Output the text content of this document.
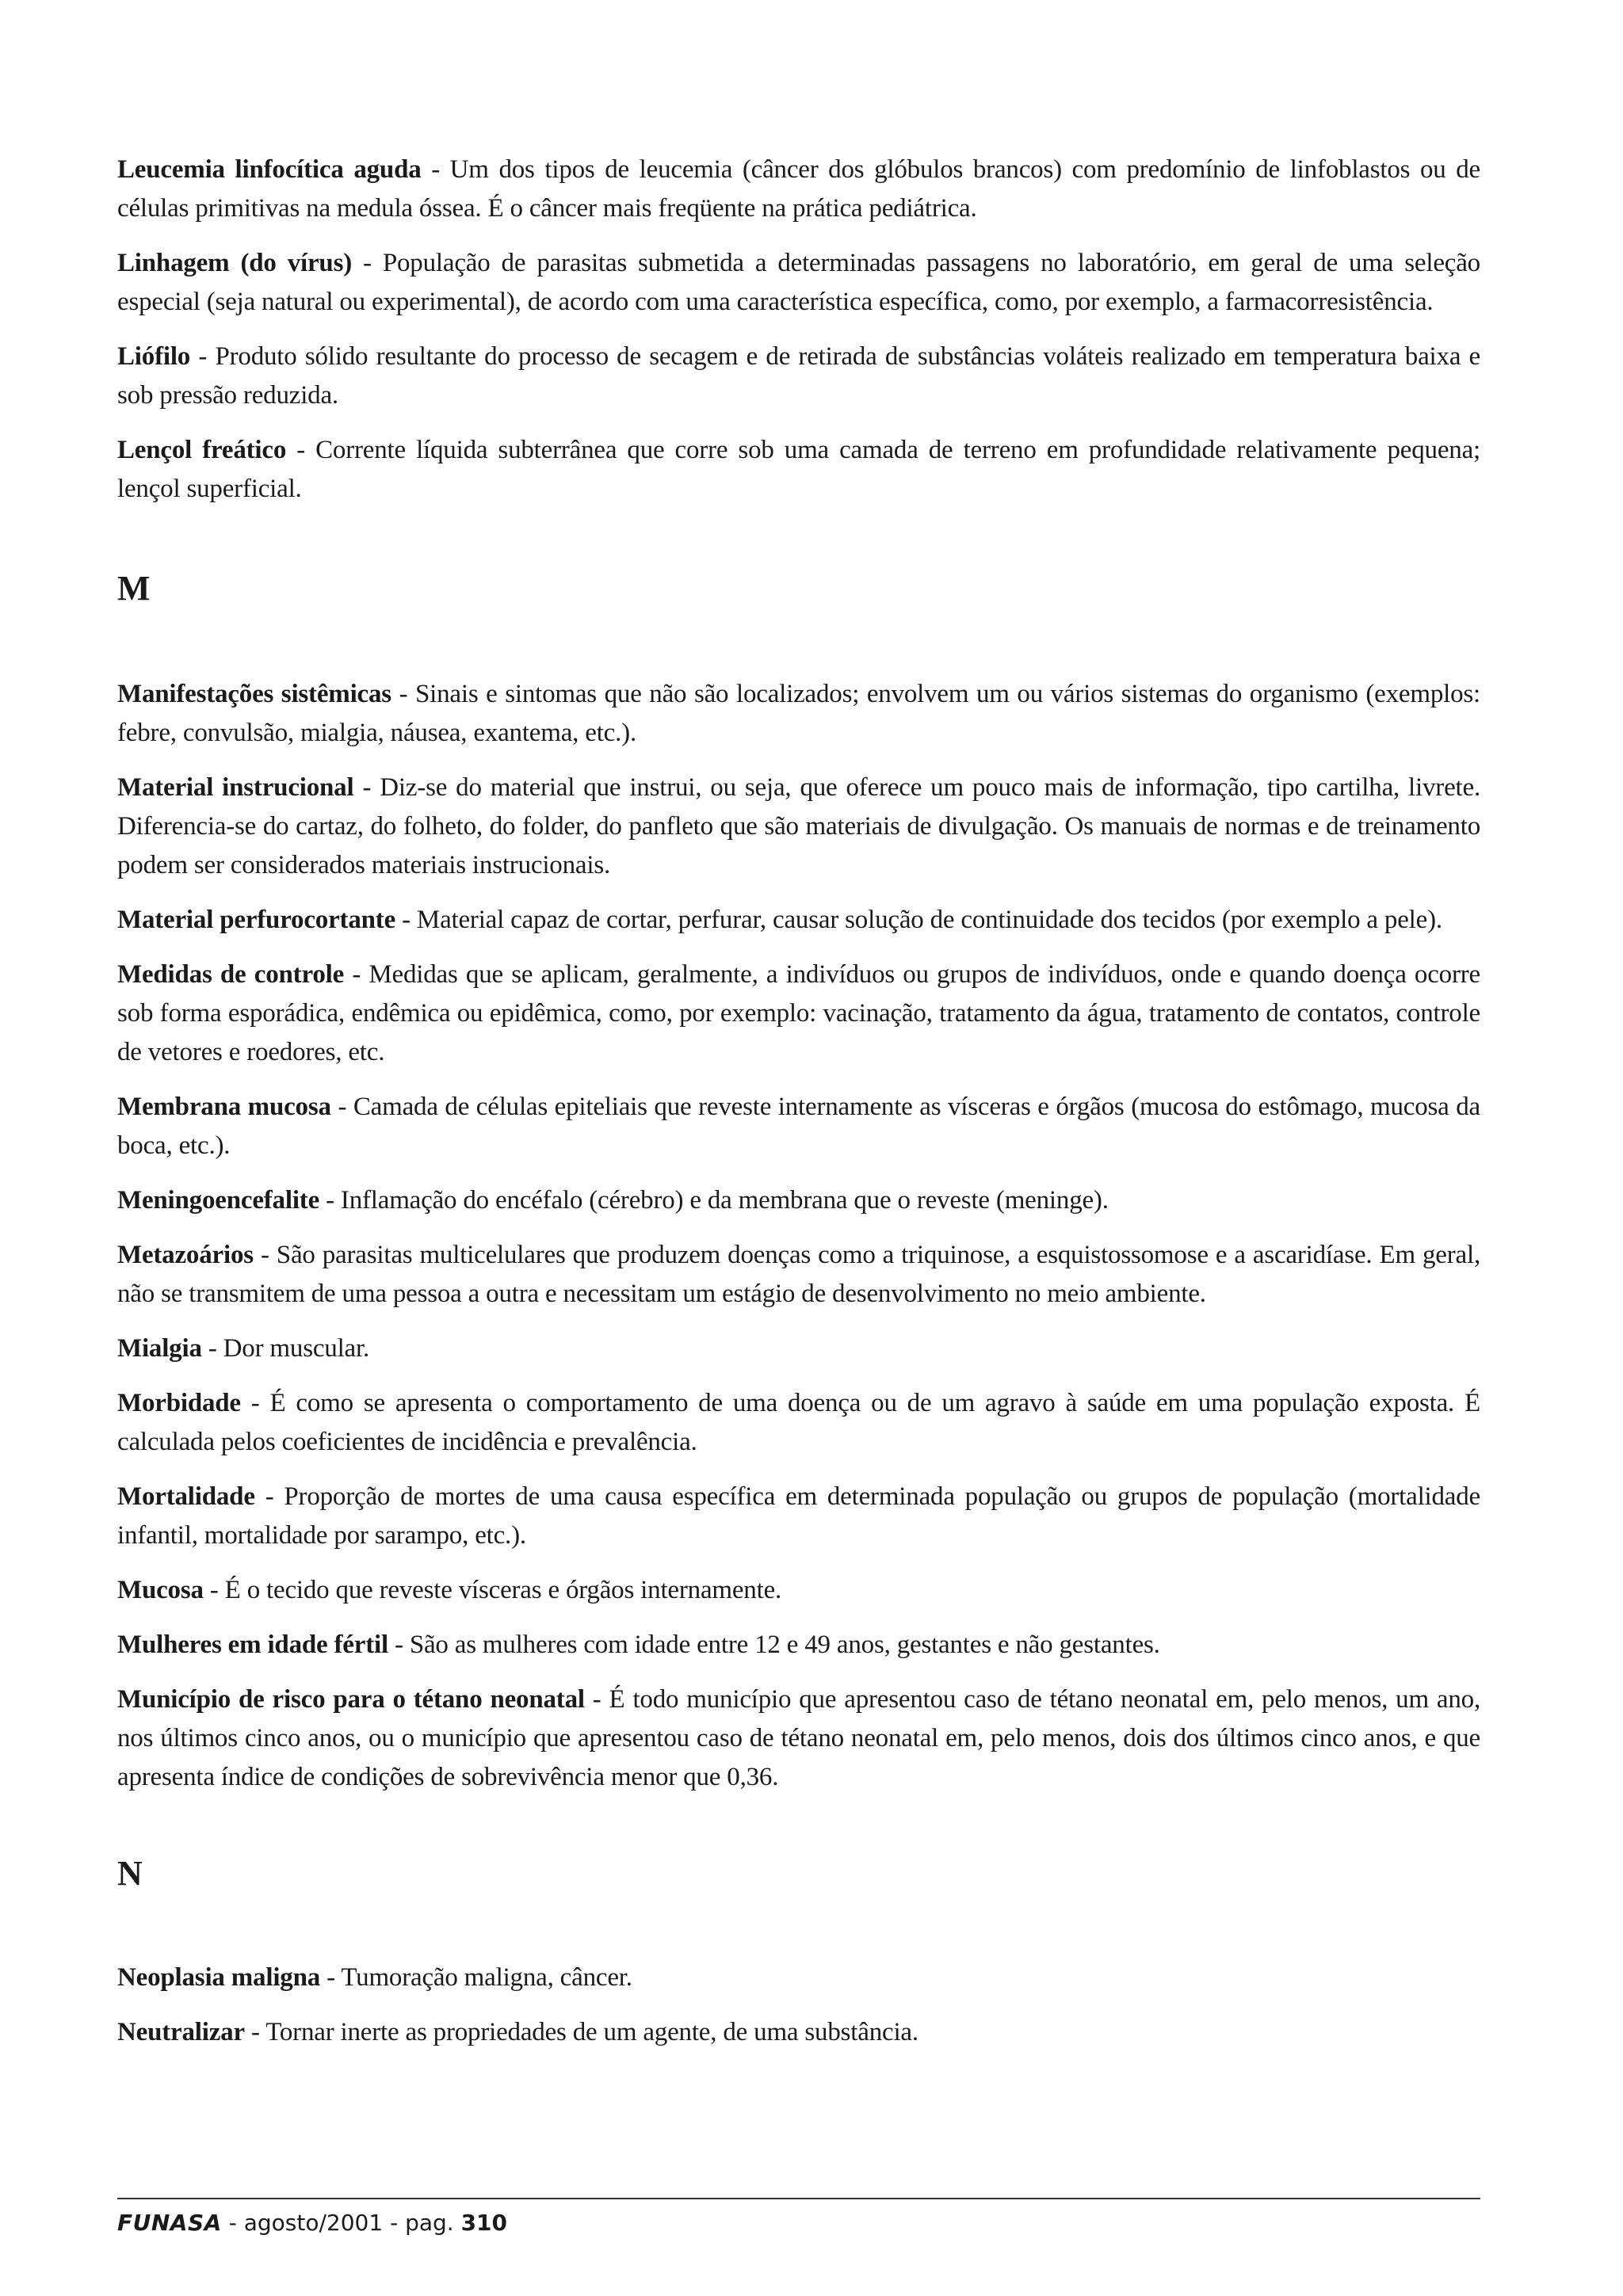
Leucemia linfocítica aguda - Um dos tipos de leucemia (câncer dos glóbulos brancos) com predomínio de linfoblastos ou de células primitivas na medula óssea. É o câncer mais freqüente na prática pediátrica.

Linhagem (do vírus) - População de parasitas submetida a determinadas passagens no laboratório, em geral de uma seleção especial (seja natural ou experimental), de acordo com uma característica específica, como, por exemplo, a farmacorresistência.

Liófilo - Produto sólido resultante do processo de secagem e de retirada de substâncias voláteis realizado em temperatura baixa e sob pressão reduzida.

Lençol freático - Corrente líquida subterrânea que corre sob uma camada de terreno em profundidade relativamente pequena; lençol superficial.

M

Manifestações sistêmicas - Sinais e sintomas que não são localizados; envolvem um ou vários sistemas do organismo (exemplos: febre, convulsão, mialgia, náusea, exantema, etc.).

Material instrucional - Diz-se do material que instrui, ou seja, que oferece um pouco mais de informação, tipo cartilha, livrete. Diferencia-se do cartaz, do folheto, do folder, do panfleto que são materiais de divulgação. Os manuais de normas e de treinamento podem ser considerados materiais instrucionais.

Material perfurocortante - Material capaz de cortar, perfurar, causar solução de continuidade dos tecidos (por exemplo a pele).

Medidas de controle - Medidas que se aplicam, geralmente, a indivíduos ou grupos de indivíduos, onde e quando doença ocorre sob forma esporádica, endêmica ou epidêmica, como, por exemplo: vacinação, tratamento da água, tratamento de contatos, controle de vetores e roedores, etc.

Membrana mucosa - Camada de células epiteliais que reveste internamente as vísceras e órgãos (mucosa do estômago, mucosa da boca, etc.).

Meningoencefalite - Inflamação do encéfalo (cérebro) e da membrana que o reveste (meninge).

Metazoários - São parasitas multicelulares que produzem doenças como a triquinose, a esquistossomose e a ascaridíase. Em geral, não se transmitem de uma pessoa a outra e necessitam um estágio de desenvolvimento no meio ambiente.

Mialgia - Dor muscular.

Morbidade - É como se apresenta o comportamento de uma doença ou de um agravo à saúde em uma população exposta. É calculada pelos coeficientes de incidência e prevalência.

Mortalidade - Proporção de mortes de uma causa específica em determinada população ou grupos de população (mortalidade infantil, mortalidade por sarampo, etc.).

Mucosa - É o tecido que reveste vísceras e órgãos internamente.

Mulheres em idade fértil - São as mulheres com idade entre 12 e 49 anos, gestantes e não gestantes.

Município de risco para o tétano neonatal - É todo município que apresentou caso de tétano neonatal em, pelo menos, um ano, nos últimos cinco anos, ou o município que apresentou caso de tétano neonatal em, pelo menos, dois dos últimos cinco anos, e que apresenta índice de condições de sobrevivência menor que 0,36.

N

Neoplasia maligna - Tumoração maligna, câncer.

Neutralizar - Tornar inerte as propriedades de um agente, de uma substância.

FUNASA - agosto/2001 - pag. 310
